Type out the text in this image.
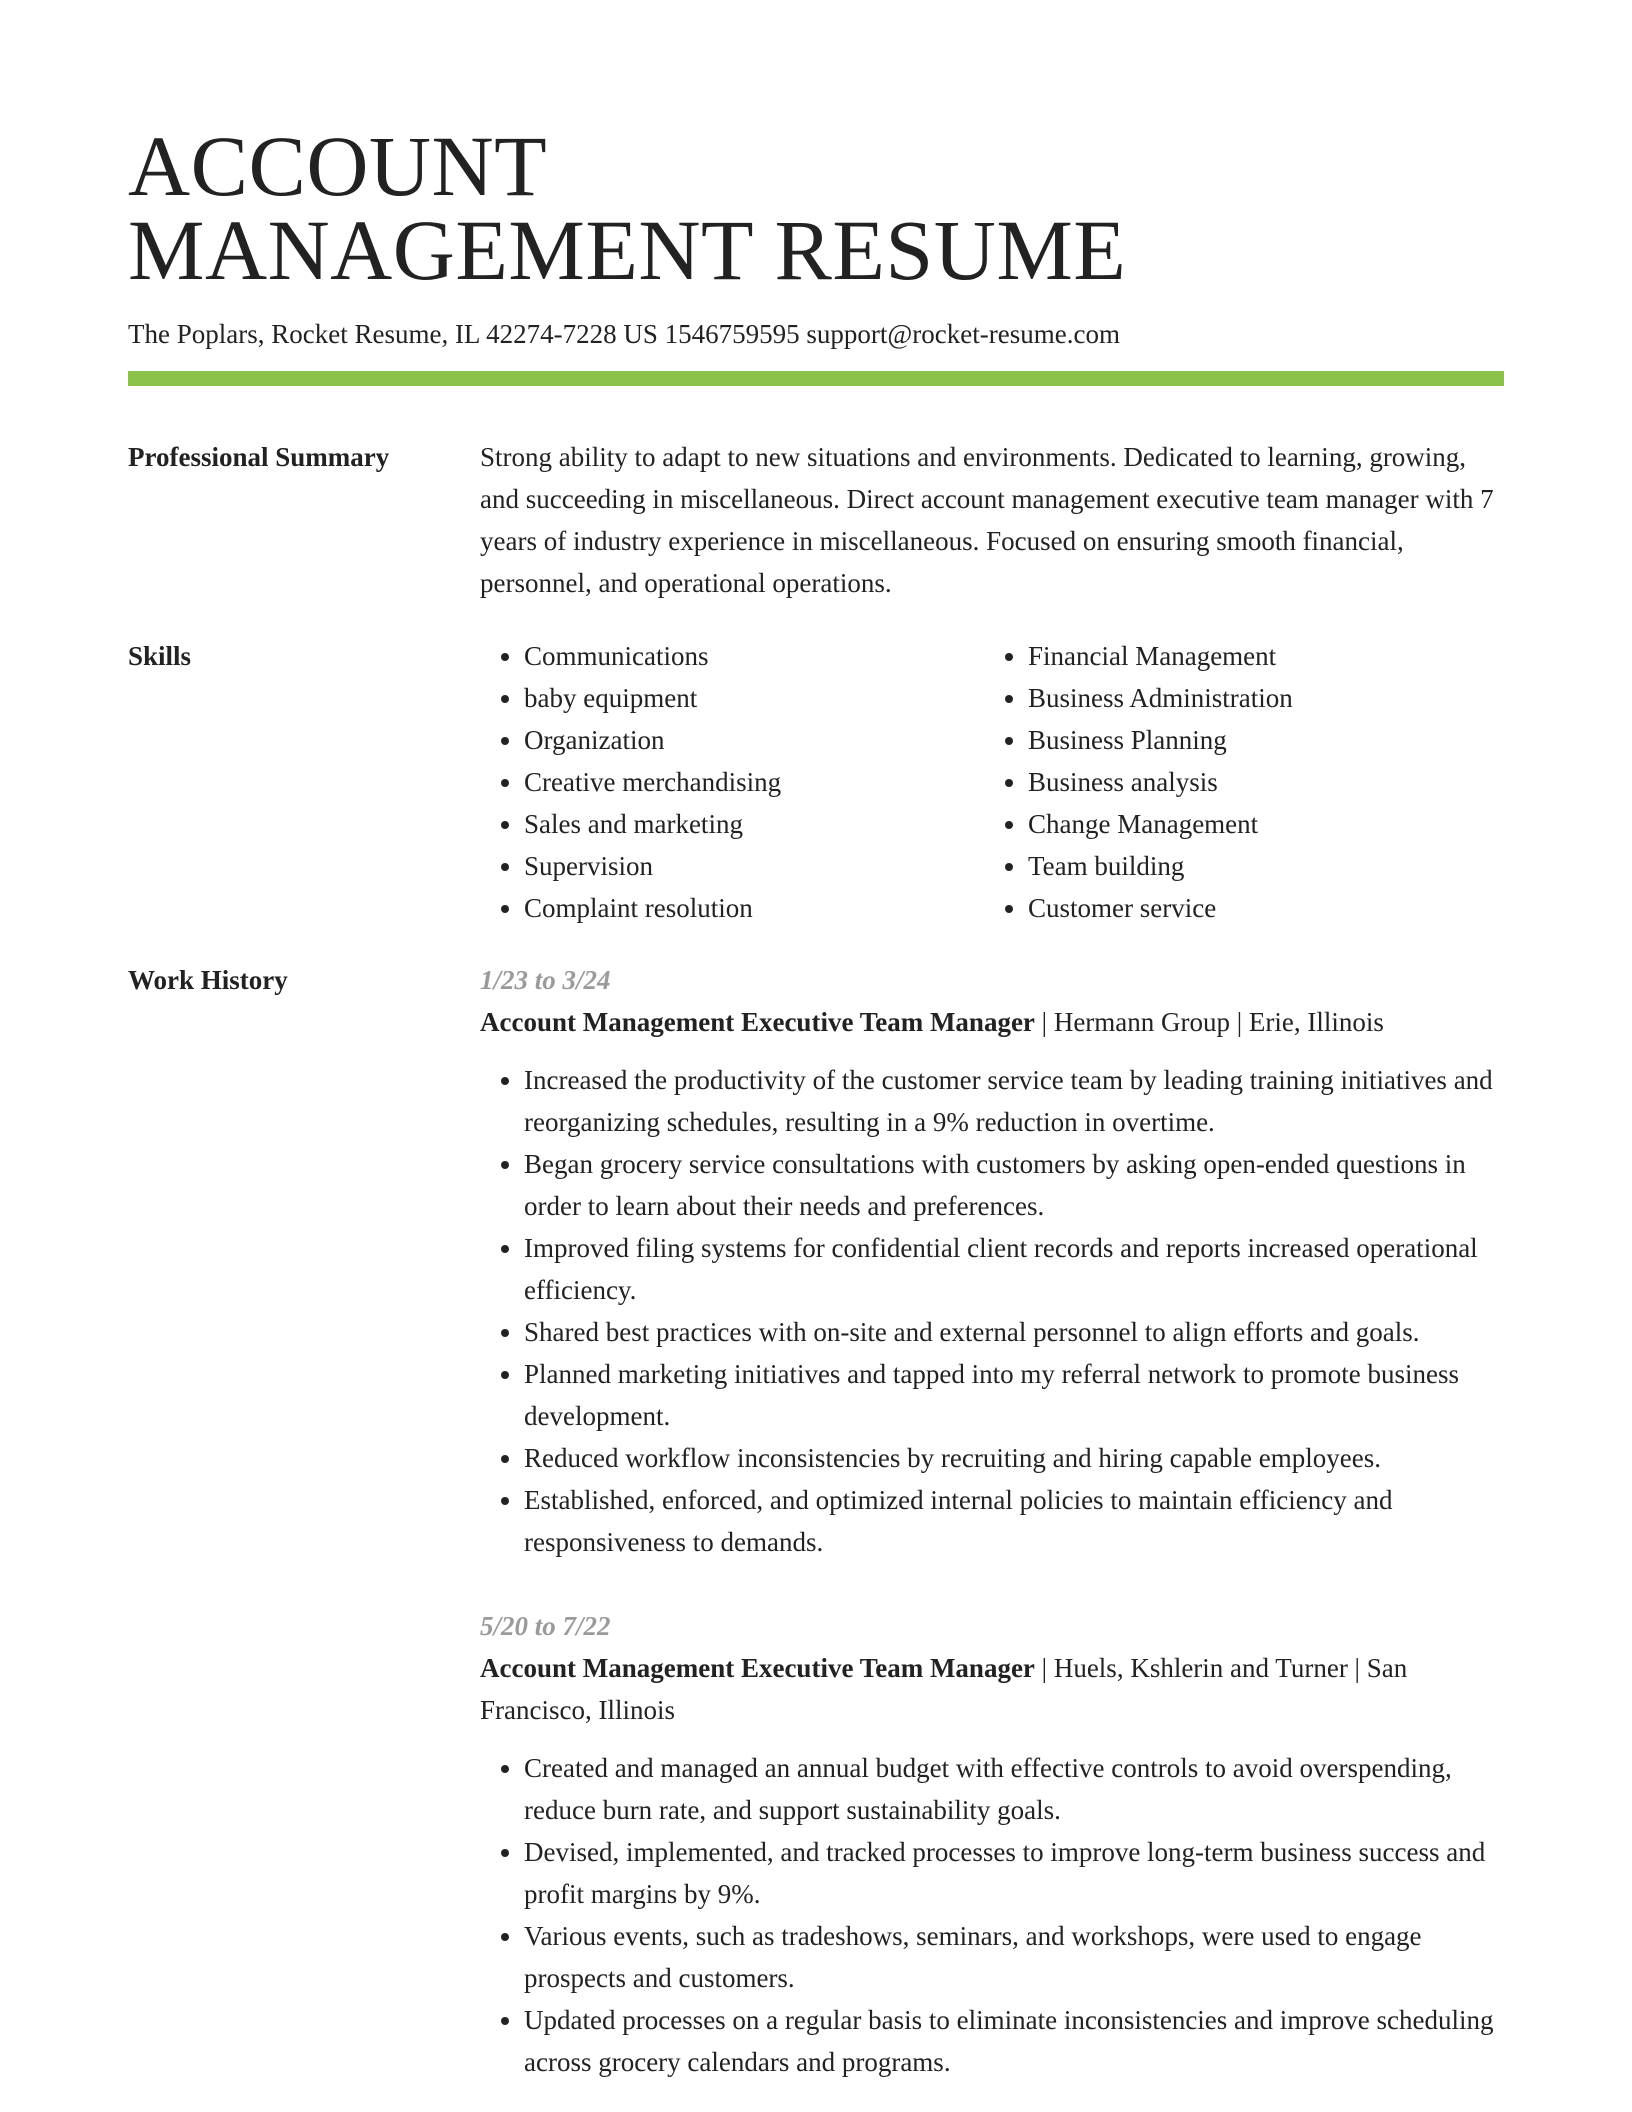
ACCOUNT
MANAGEMENT RESUME
The Poplars, Rocket Resume, IL 42274-7228 US 1546759595 support@rocket-resume.com
Professional Summary	Strong ability to adapt to new situations and environments. Dedicated to learning, growing, and succeeding in miscellaneous. Direct account management executive team manager with 7 years of industry experience in miscellaneous. Focused on ensuring smooth financial, personnel, and operational operations.

Skills
•	Communications
• baby equipment
• Organization
• Creative merchandising
• Sales and marketing
• Supervision
• Complaint resolution
• Financial Management
• Business Administration
• Business Planning
• Business analysis
• Change Management
• Team building
• Customer service
Work History	1/23 to 3/24
Account Management Executive Team Manager | Hermann Group | Erie, Illinois
• Increased the productivity of the customer service team by leading training initiatives and reorganizing schedules, resulting in a 9% reduction in overtime.
• Began grocery service consultations with customers by asking open-ended questions in order to learn about their needs and preferences.
• Improved filing systems for confidential client records and reports increased operational efficiency.
• Shared best practices with on-site and external personnel to align efforts and goals.
• Planned marketing initiatives and tapped into my referral network to promote business development.
• Reduced workflow inconsistencies by recruiting and hiring capable employees.
• Established, enforced, and optimized internal policies to maintain efficiency and responsiveness to demands.
5/20 to 7/22
Account Management Executive Team Manager | Huels, Kshlerin and Turner | San Francisco, Illinois
• Created and managed an annual budget with effective controls to avoid overspending, reduce burn rate, and support sustainability goals.
• Devised, implemented, and tracked processes to improve long-term business success and profit margins by 9%.
• Various events, such as tradeshows, seminars, and workshops, were used to engage prospects and customers.
• Updated processes on a regular basis to eliminate inconsistencies and improve scheduling across grocery calendars and programs.
